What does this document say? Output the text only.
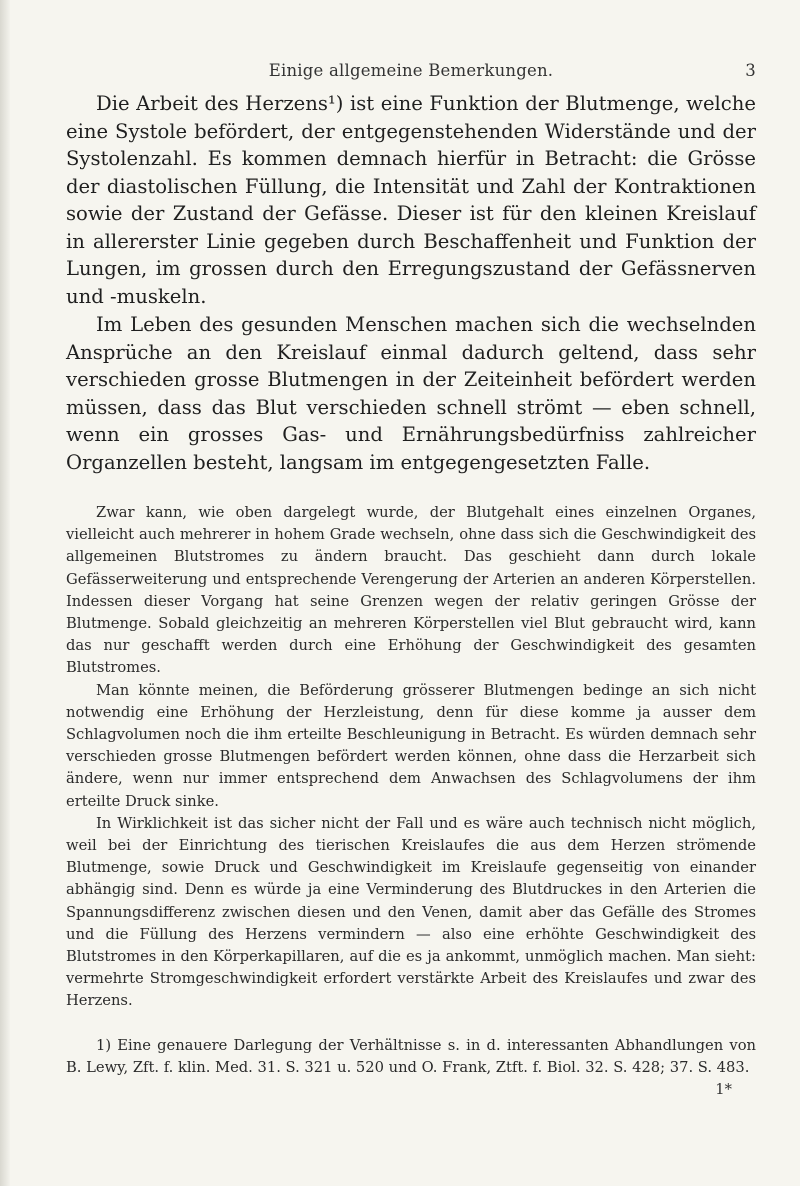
Einige allgemeine Bemerkungen.	3

Die Arbeit des Herzens¹) ist eine Funktion der Blutmenge, welche eine Systole befördert, der entgegenstehenden Widerstände und der Systolenzahl. Es kommen demnach hierfür in Betracht: die Grösse der diastolischen Füllung, die Intensität und Zahl der Kontraktionen sowie der Zustand der Gefässe. Dieser ist für den kleinen Kreislauf in allererster Linie gegeben durch Beschaffenheit und Funktion der Lungen, im grossen durch den Erregungszustand der Gefässnerven und -muskeln.

Im Leben des gesunden Menschen machen sich die wechselnden Ansprüche an den Kreislauf einmal dadurch geltend, dass sehr verschieden grosse Blutmengen in der Zeiteinheit befördert werden müssen, dass das Blut verschieden schnell strömt — eben schnell, wenn ein grosses Gas- und Ernährungsbedürfniss zahlreicher Organzellen besteht, langsam im entgegengesetzten Falle.

Zwar kann, wie oben dargelegt wurde, der Blutgehalt eines einzelnen Organes, vielleicht auch mehrerer in hohem Grade wechseln, ohne dass sich die Geschwindigkeit des allgemeinen Blutstromes zu ändern braucht. Das geschieht dann durch lokale Gefässerweiterung und entsprechende Verengerung der Arterien an anderen Körperstellen. Indessen dieser Vorgang hat seine Grenzen wegen der relativ geringen Grösse der Blutmenge. Sobald gleichzeitig an mehreren Körperstellen viel Blut gebraucht wird, kann das nur geschafft werden durch eine Erhöhung der Geschwindigkeit des gesamten Blutstromes.

Man könnte meinen, die Beförderung grösserer Blutmengen bedinge an sich nicht notwendig eine Erhöhung der Herzleistung, denn für diese komme ja ausser dem Schlagvolumen noch die ihm erteilte Beschleunigung in Betracht. Es würden demnach sehr verschieden grosse Blutmengen befördert werden können, ohne dass die Herzarbeit sich ändere, wenn nur immer entsprechend dem Anwachsen des Schlagvolumens der ihm erteilte Druck sinke.

In Wirklichkeit ist das sicher nicht der Fall und es wäre auch technisch nicht möglich, weil bei der Einrichtung des tierischen Kreislaufes die aus dem Herzen strömende Blutmenge, sowie Druck und Geschwindigkeit im Kreislaufe gegenseitig von einander abhängig sind. Denn es würde ja eine Verminderung des Blutdruckes in den Arterien die Spannungsdifferenz zwischen diesen und den Venen, damit aber das Gefälle des Stromes und die Füllung des Herzens vermindern — also eine erhöhte Geschwindigkeit des Blutstromes in den Körperkapillaren, auf die es ja ankommt, unmöglich machen. Man sieht: vermehrte Stromgeschwindigkeit erfordert verstärkte Arbeit des Kreislaufes und zwar des Herzens.

1) Eine genauere Darlegung der Verhältnisse s. in d. interessanten Abhandlungen von B. Lewy, Zft. f. klin. Med. 31. S. 321 u. 520 und O. Frank, Ztft. f. Biol. 32. S. 428; 37. S. 483.

1*
